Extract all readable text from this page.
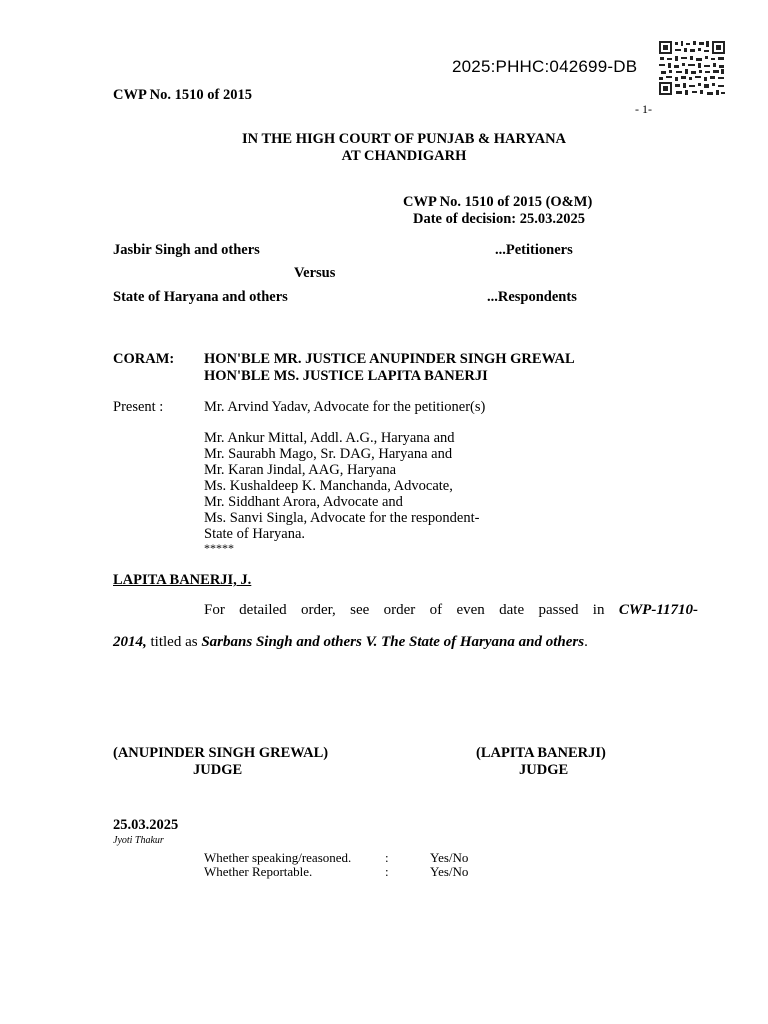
2025:PHHC:042699-DB
CWP No. 1510 of 2015
- 1-
IN THE HIGH COURT OF PUNJAB & HARYANA
AT CHANDIGARH
CWP No. 1510 of 2015 (O&M)
Date of decision: 25.03.2025
Jasbir Singh and others	...Petitioners
Versus
State of Haryana and others	...Respondents
CORAM: HON'BLE MR. JUSTICE ANUPINDER SINGH GREWAL
HON'BLE MS. JUSTICE LAPITA BANERJI
Present :	Mr. Arvind Yadav, Advocate for the petitioner(s)
Mr. Ankur Mittal, Addl. A.G., Haryana and
Mr. Saurabh Mago, Sr. DAG, Haryana and
Mr. Karan Jindal, AAG, Haryana
Ms. Kushaldeep K. Manchanda, Advocate,
Mr. Siddhant Arora, Advocate and
Ms. Sanvi Singla, Advocate for the respondent-
State of Haryana.
*****
LAPITA BANERJI, J.
For detailed order, see order of even date passed in CWP-11710-
2014, titled as Sarbans Singh and others V. The State of Haryana and others.
(ANUPINDER SINGH GREWAL)
JUDGE
(LAPITA BANERJI)
JUDGE
25.03.2025
Jyoti Thakur
Whether speaking/reasoned.	:	Yes/No
Whether Reportable.	:	Yes/No
